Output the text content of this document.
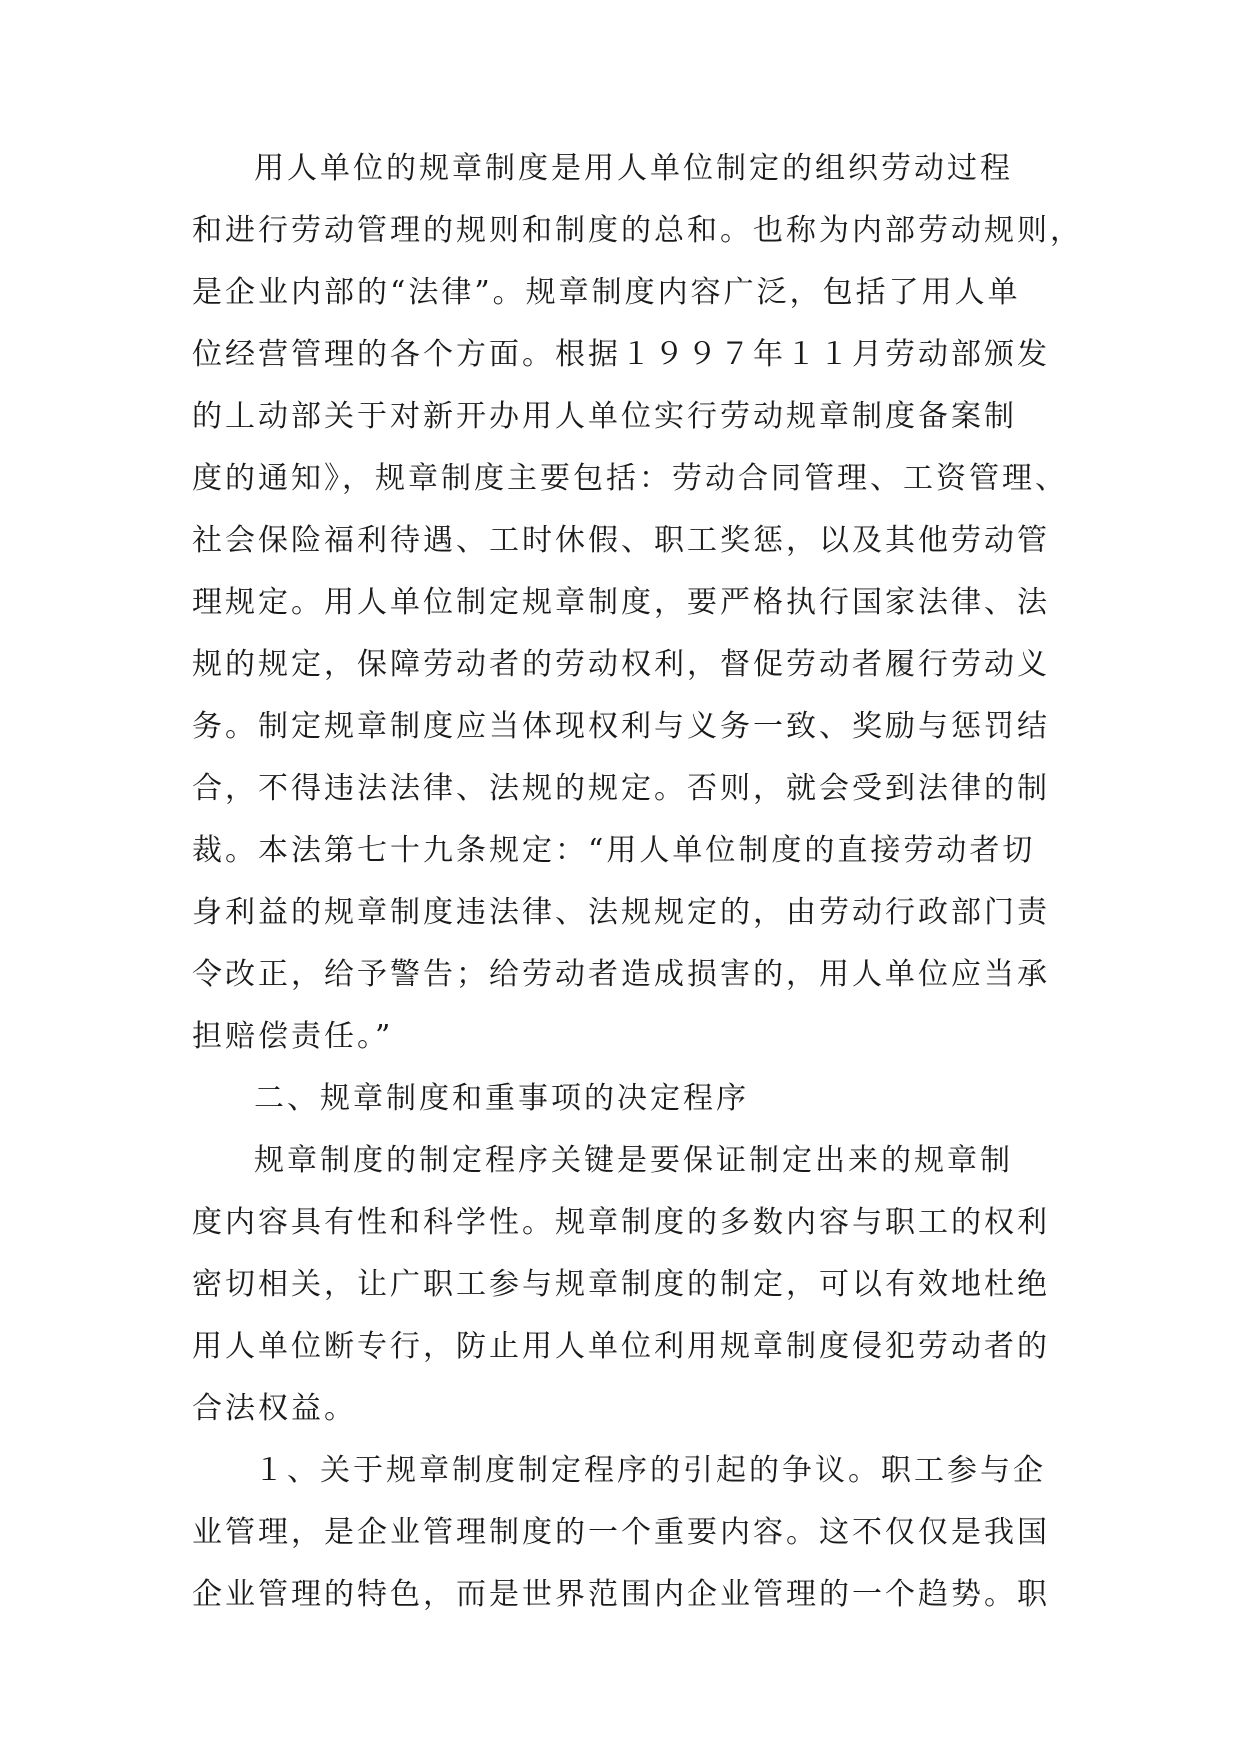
用人单位的规章制度是用人单位制定的组织劳动过程
和进行劳动管理的规则和制度的总和。也称为内部劳动规则，
是企业内部的“法律”。规章制度内容广泛，包括了用人单
位经营管理的各个方面。根据１９９７年１１月劳动部颁发
的丄动部关于对新开办用人单位实行劳动规章制度备案制
度的通知》，规章制度主要包括：劳动合同管理、工资管理、
社会保险福利待遇、工时休假、职工奖惩，以及其他劳动管
理规定。用人单位制定规章制度，要严格执行国家法律、法
规的规定，保障劳动者的劳动权利，督促劳动者履行劳动义
务。制定规章制度应当体现权利与义务一致、奖励与惩罚结
合，不得违法法律、法规的规定。否则，就会受到法律的制
裁。本法第七十九条规定：“用人单位制度的直接劳动者切
身利益的规章制度违法律、法规规定的，由劳动行政部门责
令改正，给予警告；给劳动者造成损害的，用人单位应当承
担赔偿责任。”
二、规章制度和重事项的决定程序
规章制度的制定程序关键是要保证制定出来的规章制
度内容具有性和科学性。规章制度的多数内容与职工的权利
密切相关，让广职工参与规章制度的制定，可以有效地杜绝
用人单位断专行，防止用人单位利用规章制度侵犯劳动者的
合法权益。
１、关于规章制度制定程序的引起的争议。职工参与企
业管理，是企业管理制度的一个重要内容。这不仅仅是我国
企业管理的特色，而是世界范围内企业管理的一个趋势。职
